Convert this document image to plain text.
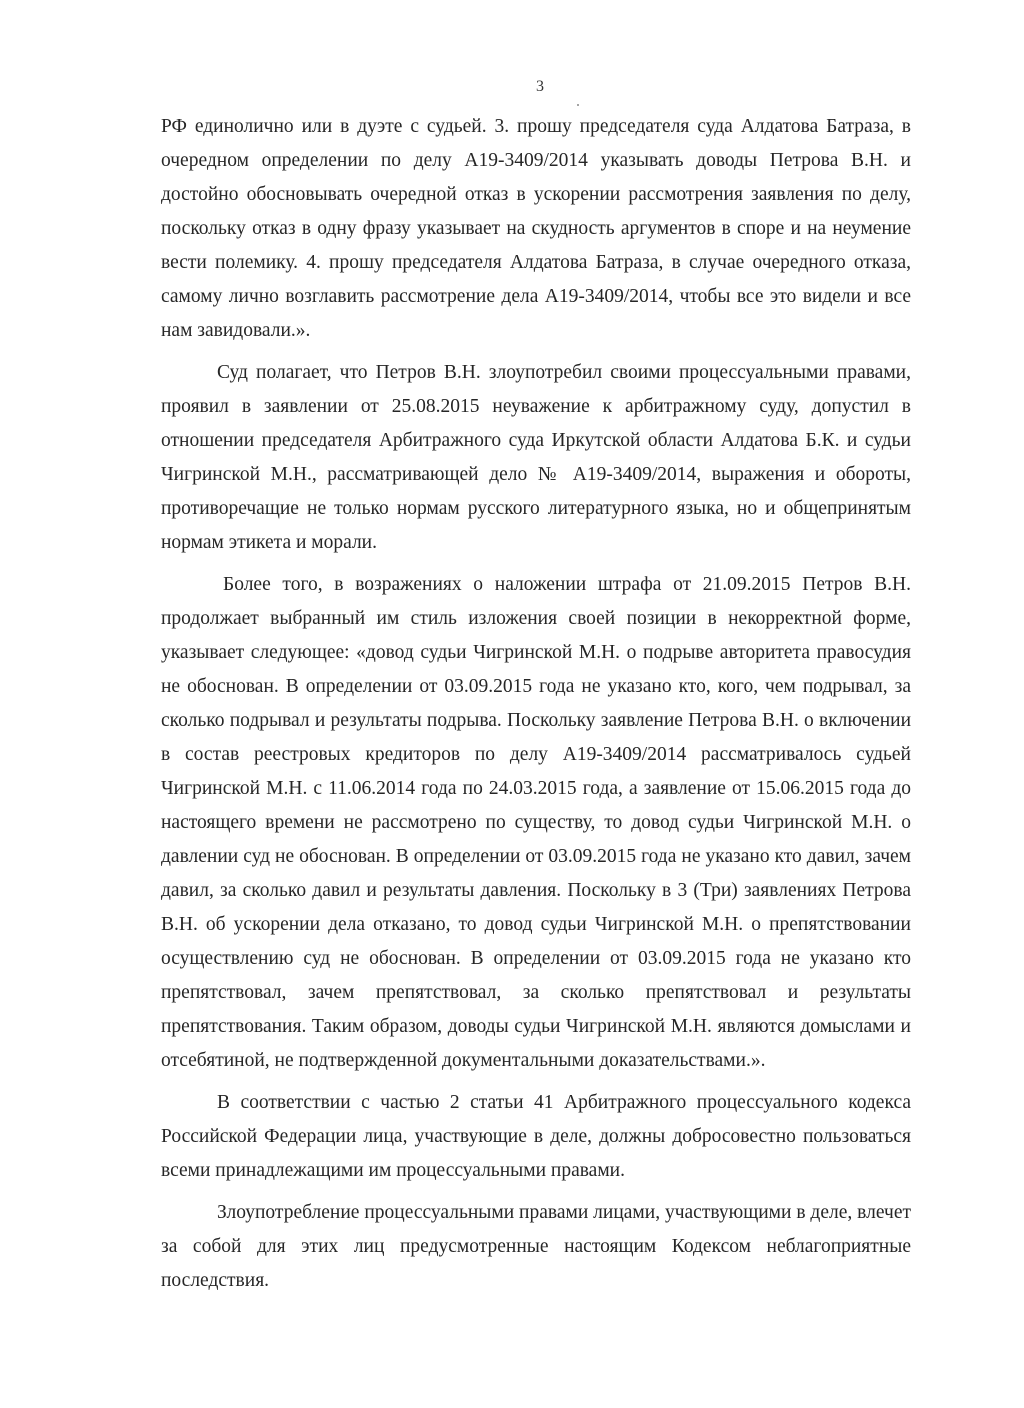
3

РФ единолично или в дуэте с судьей. 3. прошу председателя суда Алдатова Батраза, в очередном определении по делу А19-3409/2014 указывать доводы Петрова В.Н. и достойно обосновывать очередной отказ в ускорении рассмотрения заявления по делу, поскольку отказ в одну фразу указывает на скудность аргументов в споре и на неумение вести полемику. 4. прошу председателя Алдатова Батраза, в случае очередного отказа, самому лично возглавить рассмотрение дела А19-3409/2014, чтобы все это видели и все нам завидовали.».

Суд полагает, что Петров В.Н. злоупотребил своими процессуальными правами, проявил в заявлении от 25.08.2015 неуважение к арбитражному суду, допустил в отношении председателя Арбитражного суда Иркутской области Алдатова Б.К. и судьи Чигринской М.Н., рассматривающей дело № А19-3409/2014, выражения и обороты, противоречащие не только нормам русского литературного языка, но и общепринятым нормам этикета и морали.

Более того, в возражениях о наложении штрафа от 21.09.2015 Петров В.Н. продолжает выбранный им стиль изложения своей позиции в некорректной форме, указывает следующее: «довод судьи Чигринской М.Н. о подрыве авторитета правосудия не обоснован. В определении от 03.09.2015 года не указано кто, кого, чем подрывал, за сколько подрывал и результаты подрыва. Поскольку заявление Петрова В.Н. о включении в состав реестровых кредиторов по делу А19-3409/2014 рассматривалось судьей Чигринской М.Н. с 11.06.2014 года по 24.03.2015 года, а заявление от 15.06.2015 года до настоящего времени не рассмотрено по существу, то довод судьи Чигринской М.Н. о давлении суд не обоснован. В определении от 03.09.2015 года не указано кто давил, зачем давил, за сколько давил и результаты давления. Поскольку в 3 (Три) заявлениях Петрова В.Н. об ускорении дела отказано, то довод судьи Чигринской М.Н. о препятствовании осуществлению суд не обоснован. В определении от 03.09.2015 года не указано кто препятствовал, зачем препятствовал, за сколько препятствовал и результаты препятствования. Таким образом, доводы судьи Чигринской М.Н. являются домыслами и отсебятиной, не подтвержденной документальными доказательствами.».

В соответствии с частью 2 статьи 41 Арбитражного процессуального кодекса Российской Федерации лица, участвующие в деле, должны добросовестно пользоваться всеми принадлежащими им процессуальными правами.

Злоупотребление процессуальными правами лицами, участвующими в деле, влечет за собой для этих лиц предусмотренные настоящим Кодексом неблагоприятные последствия.
